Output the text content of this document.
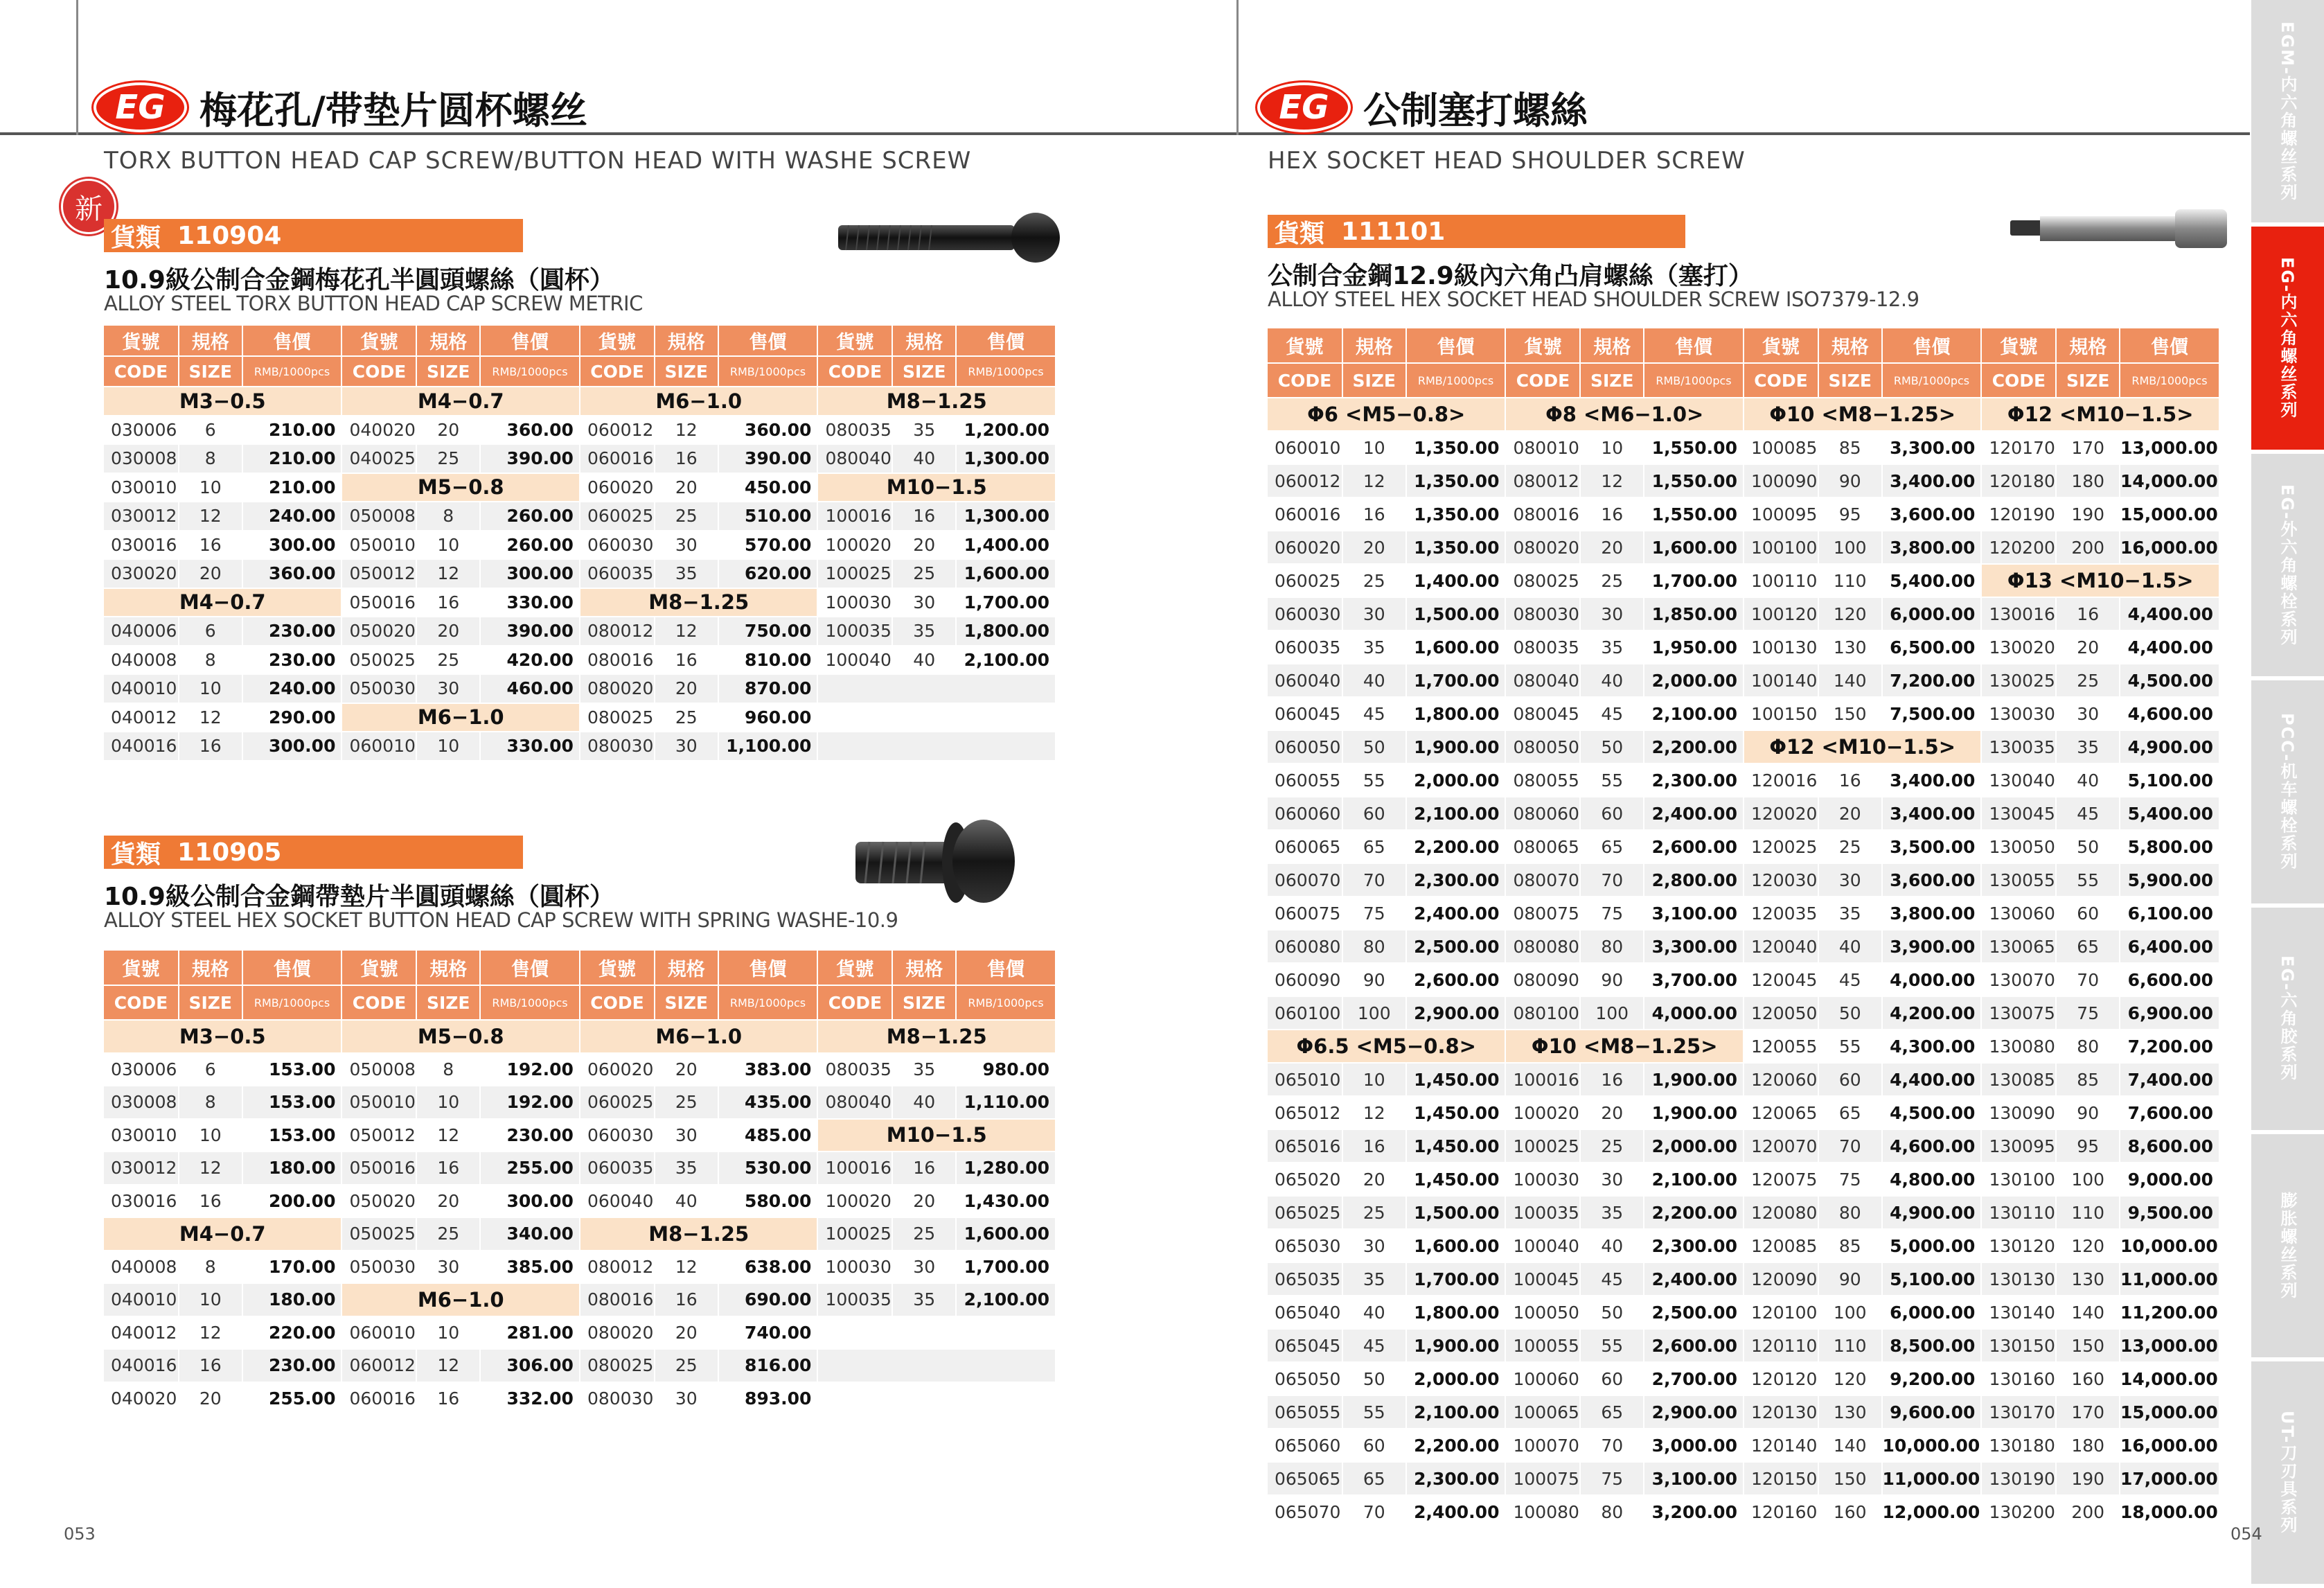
EG 梅花孔/带垫片圆杯螺丝
TORX BUTTON HEAD CAP SCREW/BUTTON HEAD WITH WASHE SCREW
EG 公制塞打螺絲
HEX SOCKET HEAD SHOULDER SCREW
新
貨類 110904
10.9級公制合金鋼梅花孔半圓頭螺絲（圓杯）
ALLOY STEEL TORX BUTTON HEAD CAP SCREW METRIC
貨類 110905
10.9級公制合金鋼帶墊片半圓頭螺絲（圓杯）
ALLOY STEEL HEX SOCKET BUTTON HEAD CAP SCREW WITH SPRING WASHE-10.9
貨類 111101
公制合金鋼12.9級內六角凸肩螺絲（塞打）
ALLOY STEEL HEX SOCKET HEAD SHOULDER SCREW ISO7379-12.9
貨號	規格	售價	貨號	規格	售價	貨號	規格	售價	貨號	規格	售價
CODE	SIZE	RMB/1000pcs	CODE	SIZE	RMB/1000pcs	CODE	SIZE	RMB/1000pcs	CODE	SIZE	RMB/1000pcs
M3−0.5			M4−0.7			M6−1.0			M8−1.25		
030006	6	210.00	040020	20	360.00	060012	12	360.00	080035	35	1,200.00
030008	8	210.00	040025	25	390.00	060016	16	390.00	080040	40	1,300.00
030010	10	210.00	M5−0.8			060020	20	450.00	M10−1.5		
030012	12	240.00	050008	8	260.00	060025	25	510.00	100016	16	1,300.00
030016	16	300.00	050010	10	260.00	060030	30	570.00	100020	20	1,400.00
030020	20	360.00	050012	12	300.00	060035	35	620.00	100025	25	1,600.00
M4−0.7			050016	16	330.00	M8−1.25			100030	30	1,700.00
040006	6	230.00	050020	20	390.00	080012	12	750.00	100035	35	1,800.00
040008	8	230.00	050025	25	420.00	080016	16	810.00	100040	40	2,100.00
040010	10	240.00	050030	30	460.00	080020	20	870.00			
040012	12	290.00	M6−1.0			080025	25	960.00			
040016	16	300.00	060010	10	330.00	080030	30	1,100.00			
貨號	規格	售價	貨號	規格	售價	貨號	規格	售價	貨號	規格	售價
CODE	SIZE	RMB/1000pcs	CODE	SIZE	RMB/1000pcs	CODE	SIZE	RMB/1000pcs	CODE	SIZE	RMB/1000pcs
M3−0.5			M5−0.8			M6−1.0			M8−1.25		
030006	6	153.00	050008	8	192.00	060020	20	383.00	080035	35	980.00
030008	8	153.00	050010	10	192.00	060025	25	435.00	080040	40	1,110.00
030010	10	153.00	050012	12	230.00	060030	30	485.00	M10−1.5		
030012	12	180.00	050016	16	255.00	060035	35	530.00	100016	16	1,280.00
030016	16	200.00	050020	20	300.00	060040	40	580.00	100020	20	1,430.00
M4−0.7			050025	25	340.00	M8−1.25			100025	25	1,600.00
040008	8	170.00	050030	30	385.00	080012	12	638.00	100030	30	1,700.00
040010	10	180.00	M6−1.0			080016	16	690.00	100035	35	2,100.00
040012	12	220.00	060010	10	281.00	080020	20	740.00			
040016	16	230.00	060012	12	306.00	080025	25	816.00			
040020	20	255.00	060016	16	332.00	080030	30	893.00			
貨號	規格	售價	貨號	規格	售價	貨號	規格	售價	貨號	規格	售價
CODE	SIZE	RMB/1000pcs	CODE	SIZE	RMB/1000pcs	CODE	SIZE	RMB/1000pcs	CODE	SIZE	RMB/1000pcs
Φ6 <M5−0.8>			Φ8 <M6−1.0>			Φ10 <M8−1.25>			Φ12 <M10−1.5>		
060010	10	1,350.00	080010	10	1,550.00	100085	85	3,300.00	120170	170	13,000.00
060012	12	1,350.00	080012	12	1,550.00	100090	90	3,400.00	120180	180	14,000.00
060016	16	1,350.00	080016	16	1,550.00	100095	95	3,600.00	120190	190	15,000.00
060020	20	1,350.00	080020	20	1,600.00	100100	100	3,800.00	120200	200	16,000.00
060025	25	1,400.00	080025	25	1,700.00	100110	110	5,400.00	Φ13 <M10−1.5>		
060030	30	1,500.00	080030	30	1,850.00	100120	120	6,000.00	130016	16	4,400.00
060035	35	1,600.00	080035	35	1,950.00	100130	130	6,500.00	130020	20	4,400.00
060040	40	1,700.00	080040	40	2,000.00	100140	140	7,200.00	130025	25	4,500.00
060045	45	1,800.00	080045	45	2,100.00	100150	150	7,500.00	130030	30	4,600.00
060050	50	1,900.00	080050	50	2,200.00	Φ12 <M10−1.5>			130035	35	4,900.00
060055	55	2,000.00	080055	55	2,300.00	120016	16	3,400.00	130040	40	5,100.00
060060	60	2,100.00	080060	60	2,400.00	120020	20	3,400.00	130045	45	5,400.00
060065	65	2,200.00	080065	65	2,600.00	120025	25	3,500.00	130050	50	5,800.00
060070	70	2,300.00	080070	70	2,800.00	120030	30	3,600.00	130055	55	5,900.00
060075	75	2,400.00	080075	75	3,100.00	120035	35	3,800.00	130060	60	6,100.00
060080	80	2,500.00	080080	80	3,300.00	120040	40	3,900.00	130065	65	6,400.00
060090	90	2,600.00	080090	90	3,700.00	120045	45	4,000.00	130070	70	6,600.00
060100	100	2,900.00	080100	100	4,000.00	120050	50	4,200.00	130075	75	6,900.00
Φ6.5 <M5−0.8>			Φ10 <M8−1.25>			120055	55	4,300.00	130080	80	7,200.00
065010	10	1,450.00	100016	16	1,900.00	120060	60	4,400.00	130085	85	7,400.00
065012	12	1,450.00	100020	20	1,900.00	120065	65	4,500.00	130090	90	7,600.00
065016	16	1,450.00	100025	25	2,000.00	120070	70	4,600.00	130095	95	8,600.00
065020	20	1,450.00	100030	30	2,100.00	120075	75	4,800.00	130100	100	9,000.00
065025	25	1,500.00	100035	35	2,200.00	120080	80	4,900.00	130110	110	9,500.00
065030	30	1,600.00	100040	40	2,300.00	120085	85	5,000.00	130120	120	10,000.00
065035	35	1,700.00	100045	45	2,400.00	120090	90	5,100.00	130130	130	11,000.00
065040	40	1,800.00	100050	50	2,500.00	120100	100	6,000.00	130140	140	11,200.00
065045	45	1,900.00	100055	55	2,600.00	120110	110	8,500.00	130150	150	13,000.00
065050	50	2,000.00	100060	60	2,700.00	120120	120	9,200.00	130160	160	14,000.00
065055	55	2,100.00	100065	65	2,900.00	120130	130	9,600.00	130170	170	15,000.00
065060	60	2,200.00	100070	70	3,000.00	120140	140	10,000.00	130180	180	16,000.00
065065	65	2,300.00	100075	75	3,100.00	120150	150	11,000.00	130190	190	17,000.00
065070	70	2,400.00	100080	80	3,200.00	120160	160	12,000.00	130200	200	18,000.00
EGM-内六角螺丝系列
EG-内六角螺丝系列
EG-外六角螺栓系列
PCC-机车螺栓系列
EG-六角胶系列
膨胀螺丝系列
UT-刀刃具系列
053	054
